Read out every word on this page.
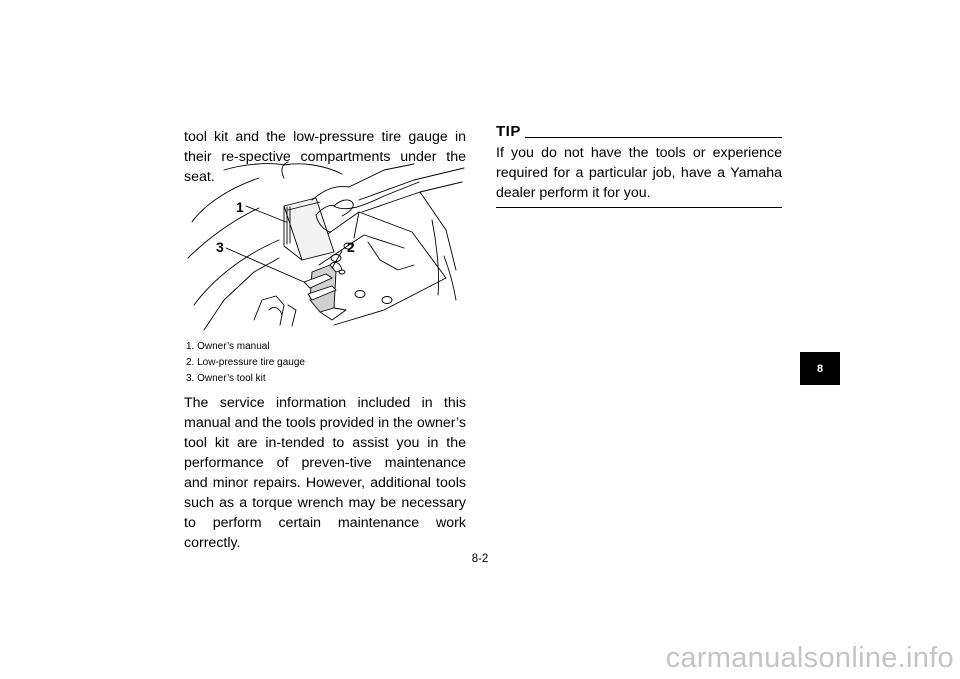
tool kit and the low-pressure tire gauge in their re-spective compartments under the seat.

1
3	2
1. Owner’s manual
2. Low-pressure tire gauge
3. Owner’s tool kit

The service information included in this manual and the tools provided in the owner’s tool kit are in-tended to assist you in the performance of preven-tive maintenance and minor repairs. However, additional tools such as a torque wrench may be necessary to perform certain maintenance work correctly.

TIP

If you do not have the tools or experience required for a particular job, have a Yamaha dealer perform it for you.

8
8-2
carmanualsonline.info
